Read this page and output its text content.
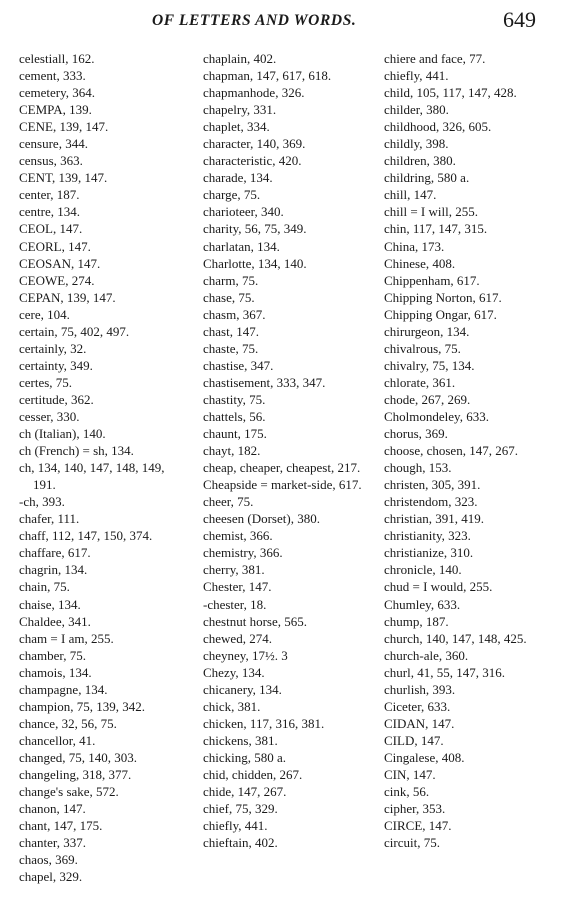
OF LETTERS AND WORDS.	649
celestiall, 162.
cement, 333.
cemetery, 364.
CEMPA, 139.
CENE, 139, 147.
censure, 344.
census, 363.
CENT, 139, 147.
center, 187.
centre, 134.
CEOL, 147.
CEORL, 147.
CEOSAN, 147.
CEOWE, 274.
CEPAN, 139, 147.
cere, 104.
certain, 75, 402, 497.
certainly, 32.
certainty, 349.
certes, 75.
certitude, 362.
cesser, 330.
ch (Italian), 140.
ch (French) = sh, 134.
ch, 134, 140, 147, 148, 149, 191.
-ch, 393.
chafer, 111.
chaff, 112, 147, 150, 374.
chaffare, 617.
chagrin, 134.
chain, 75.
chaise, 134.
Chaldee, 341.
cham = I am, 255.
chamber, 75.
chamois, 134.
champagne, 134.
champion, 75, 139, 342.
chance, 32, 56, 75.
chancellor, 41.
changed, 75, 140, 303.
changeling, 318, 377.
change's sake, 572.
chanon, 147.
chant, 147, 175.
chanter, 337.
chaos, 369.
chapel, 329.
chaplain, 402.
chapman, 147, 617, 618.
chapmanhode, 326.
chapelry, 331.
chaplet, 334.
character, 140, 369.
characteristic, 420.
charade, 134.
charge, 75.
charioteer, 340.
charity, 56, 75, 349.
charlatan, 134.
Charlotte, 134, 140.
charm, 75.
chase, 75.
chasm, 367.
chast, 147.
chaste, 75.
chastise, 347.
chastisement, 333, 347.
chastity, 75.
chattels, 56.
chaunt, 175.
chayt, 182.
cheap, cheaper, cheapest, 217.
Cheapside = market-side, 617.
cheer, 75.
cheesen (Dorset), 380.
chemist, 366.
chemistry, 366.
cherry, 381.
Chester, 147.
-chester, 18.
chestnut horse, 565.
chewed, 274.
cheyney, 17½. 3
Chezy, 134.
chicanery, 134.
chick, 381.
chicken, 117, 316, 381.
chickens, 381.
chicking, 580 a.
chid, chidden, 267.
chide, 147, 267.
chief, 75, 329.
chiefly, 441.
chieftain, 402.
chiere and face, 77.
chiefly, 441.
child, 105, 117, 147, 428.
childer, 380.
childhood, 326, 605.
childly, 398.
children, 380.
childring, 580 a.
chill, 147.
chill = I will, 255.
chin, 117, 147, 315.
China, 173.
Chinese, 408.
Chippenham, 617.
Chipping Norton, 617.
Chipping Ongar, 617.
chirurgeon, 134.
chivalrous, 75.
chivalry, 75, 134.
chlorate, 361.
chode, 267, 269.
Cholmondeley, 633.
chorus, 369.
choose, chosen, 147, 267.
chough, 153.
christen, 305, 391.
christendom, 323.
christian, 391, 419.
christianity, 323.
christianize, 310.
chronicle, 140.
chud = I would, 255.
Chumley, 633.
chump, 187.
church, 140, 147, 148, 425.
church-ale, 360.
churl, 41, 55, 147, 316.
churlish, 393.
Ciceter, 633.
CIDAN, 147.
CILD, 147.
Cingalese, 408.
CIN, 147.
cink, 56.
cipher, 353.
CIRCE, 147.
circuit, 75.
